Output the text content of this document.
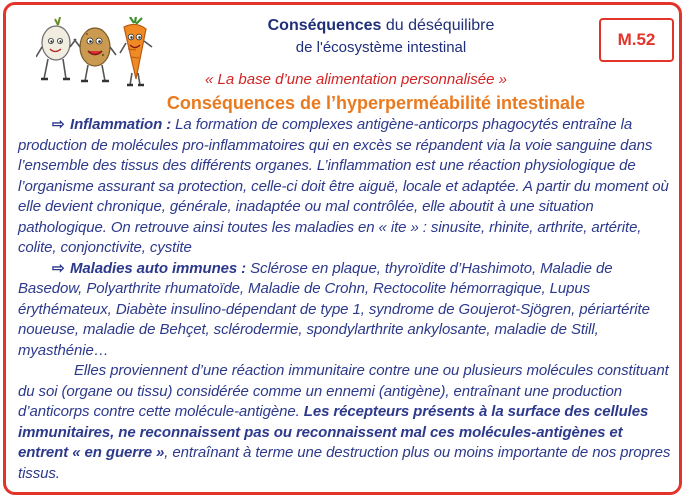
Conséquences du déséquilibre
de l'écosystème intestinal	M.52
« La base d’une alimentation personnalisée »
Conséquences de l’hyperperméabilité intestinale

⇨ Inflammation : La formation de complexes antigène-anticorps phagocytés entraîne la production de molécules pro-inflammatoires qui en excès se répandent via la voie sanguine dans l’ensemble des tissus des différents organes. L’inflammation est une réaction physiologique de l’organisme assurant sa protection, celle-ci doit être aiguë, locale et adaptée. A partir du moment où elle devient chronique, générale, inadaptée ou mal contrôlée, elle aboutit à une situation pathologique. On retrouve ainsi toutes les maladies en « ite » : sinusite, rhinite, arthrite, artérite, colite, conjonctivite, cystite

⇨ Maladies auto immunes : Sclérose en plaque, thyroïdite d’Hashimoto, Maladie de Basedow, Polyarthrite rhumatoïde, Maladie de Crohn, Rectocolite hémorragique, Lupus érythémateux, Diabète insulino-dépendant de type 1, syndrome de Goujerot-Sjögren, périartérite noueuse, maladie de Behçet, sclérodermie, spondylarthrite ankylosante, maladie de Still, myasthénie…

Elles proviennent d’une réaction immunitaire contre une ou plusieurs molécules constituant du soi (organe ou tissu) considérée comme un ennemi (antigène), entraînant une production d’anticorps contre cette molécule-antigène. Les récepteurs présents à la surface des cellules immunitaires, ne reconnaissent pas ou reconnaissent mal ces molécules-antigènes et entrent « en guerre », entraînant à terme une destruction plus ou moins importante de nos propres tissus.
